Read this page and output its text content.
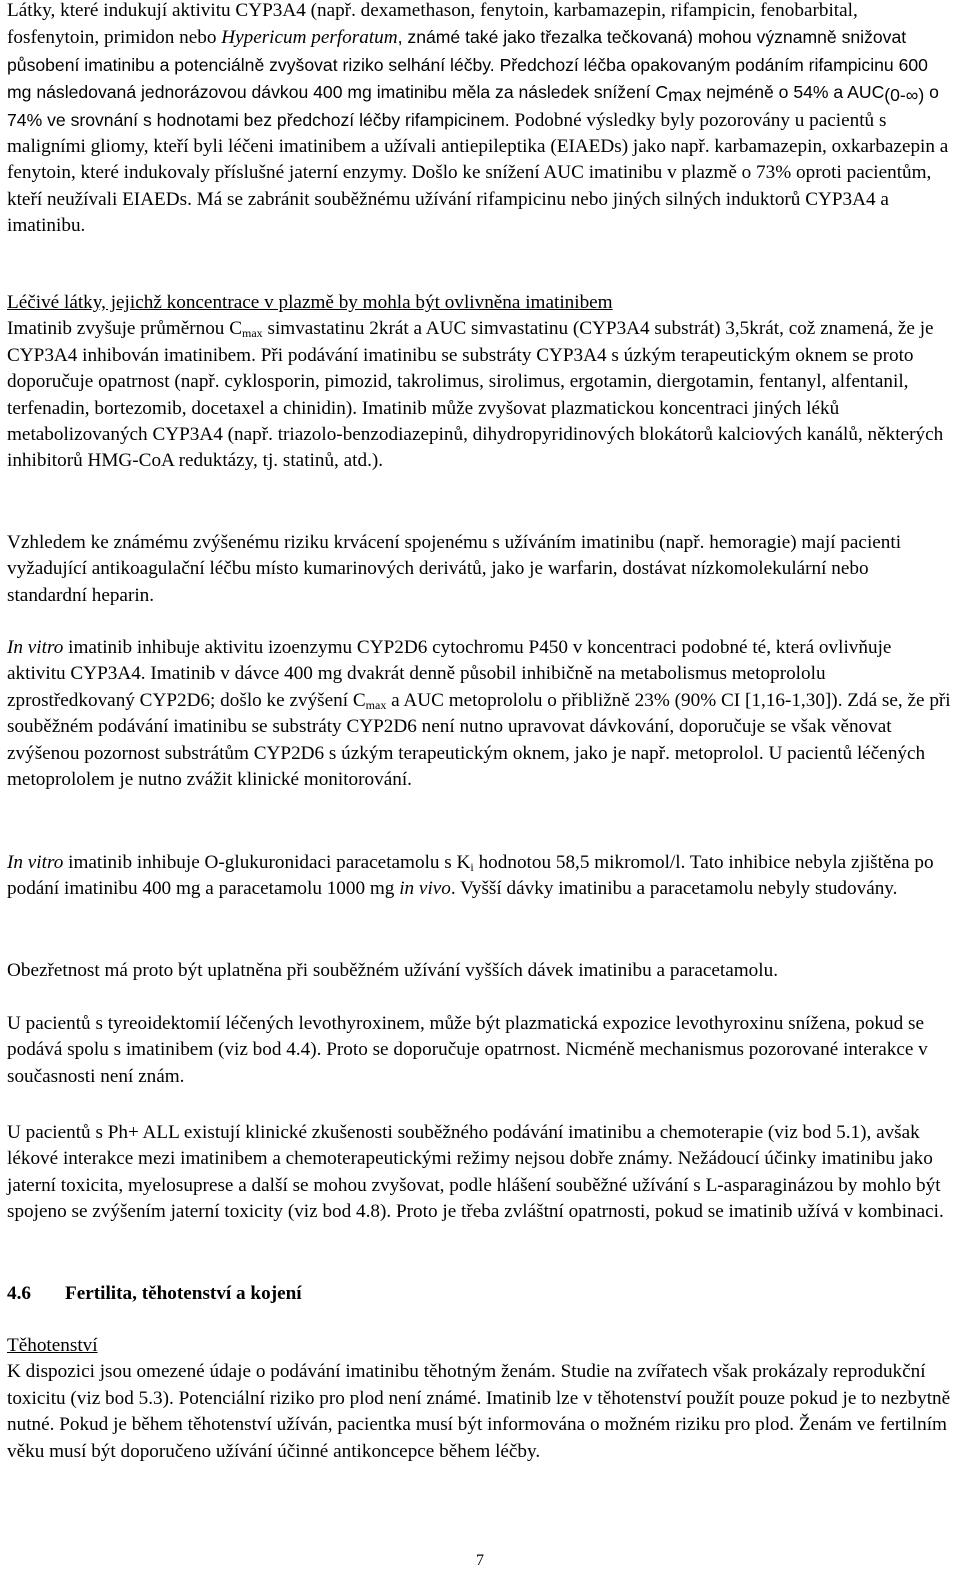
Látky, které indukují aktivitu CYP3A4 (např. dexamethason, fenytoin, karbamazepin, rifampicin, fenobarbital, fosfenytoin, primidon nebo Hypericum perforatum, známé také jako třezalka tečkovaná) mohou významně snižovat působení imatinibu a potenciálně zvyšovat riziko selhání léčby. Předchozí léčba opakovaným podáním rifampicinu 600 mg následovaná jednorázovou dávkou 400 mg imatinibu měla za následek snížení $C_{max}$ nejméně o 54% a $AUC_{(0-\infty)}$ o 74% ve srovnání s hodnotami bez předchozí léčby rifampicinem. Podobné výsledky byly pozorovány u pacientů s maligními gliomy, kteří byli léčeni imatinibem a užívali antiepileptika (EIAEDs) jako např. karbamazepin, oxkarbazepin a fenytoin, které indukovaly příslušné jaterní enzymy. Došlo ke snížení AUC imatinibu v plazmě o 73% oproti pacientům, kteří neužívali EIAEDs. Má se zabránit souběžnému užívání rifampicinu nebo jiných silných induktorů CYP3A4 a imatinibu.

Léčivé látky, jejichž koncentrace v plazmě by mohla být ovlivněna imatinibem
Imatinib zvyšuje průměrnou $C_{max}$ simvastatinu 2krát a AUC simvastatinu (CYP3A4 substrát) 3,5krát, což znamená, že je CYP3A4 inhibován imatinibem. Při podávání imatinibu se substráty CYP3A4 s úzkým terapeutickým oknem se proto doporučuje opatrnost (např. cyklosporin, pimozid, takrolimus, sirolimus, ergotamin, diergotamin, fentanyl, alfentanil, terfenadin, bortezomib, docetaxel a chinidin). Imatinib může zvyšovat plazmatickou koncentraci jiných léků metabolizovaných CYP3A4 (např. triazolo-benzodiazepinů, dihydropyridinových blokátorů kalciových kanálů, některých inhibitorů HMG-CoA reduktázy, tj. statinů, atd.).

Vzhledem ke známému zvýšenému riziku krvácení spojenému s užíváním imatinibu (např. hemoragie) mají pacienti vyžadující antikoagulační léčbu místo kumarinových derivátů, jako je warfarin, dostávat nízkomolekulární nebo standardní heparin.

In vitro imatinib inhibuje aktivitu izoenzymu CYP2D6 cytochromu P450 v koncentraci podobné té, která ovlivňuje aktivitu CYP3A4. Imatinib v dávce 400 mg dvakrát denně působil inhibičně na metabolismus metoprololu zprostředkovaný CYP2D6; došlo ke zvýšení $C_{max}$ a AUC metoprololu o přibližně 23% (90% CI [1,16-1,30]). Zdá se, že při souběžném podávání imatinibu se substráty CYP2D6 není nutno upravovat dávkování, doporučuje se však věnovat zvýšenou pozornost substrátům CYP2D6 s úzkým terapeutickým oknem, jako je např. metoprolol. U pacientů léčených metoprololem je nutno zvážit klinické monitorování.

In vitro imatinib inhibuje O-glukuronidaci paracetamolu s $K_i$ hodnotou 58,5 mikromol/l. Tato inhibice nebyla zjištěna po podání imatinibu 400 mg a paracetamolu 1000 mg in vivo. Vyšší dávky imatinibu a paracetamolu nebyly studovány.

Obezřetnost má proto být uplatněna při souběžném užívání vyšších dávek imatinibu a paracetamolu.

U pacientů s tyreoidektomií léčených levothyroxinem, může být plazmatická expozice levothyroxinu snížena, pokud se podává spolu s imatinibem (viz bod 4.4). Proto se doporučuje opatrnost. Nicméně mechanismus pozorované interakce v současnosti není znám.

U pacientů s Ph+ ALL existují klinické zkušenosti souběžného podávání imatinibu a chemoterapie (viz bod 5.1), avšak lékové interakce mezi imatinibem a chemoterapeutickými režimy nejsou dobře známy. Nežádoucí účinky imatinibu jako jaterní toxicita, myelosuprese a další se mohou zvyšovat, podle hlášení souběžné užívání s L-asparaginázou by mohlo být spojeno se zvýšením jaterní toxicity (viz bod 4.8). Proto je třeba zvláštní opatrnosti, pokud se imatinib užívá v kombinaci.

4.6 Fertilita, těhotenství a kojení
Těhotenství
K dispozici jsou omezené údaje o podávání imatinibu těhotným ženám. Studie na zvířatech však prokázaly reprodukční toxicitu (viz bod 5.3). Potenciální riziko pro plod není známé. Imatinib lze v těhotenství použít pouze pokud je to nezbytně nutné. Pokud je během těhotenství užíván, pacientka musí být informována o možném riziku pro plod. Ženám ve fertilním věku musí být doporučeno užívání účinné antikoncepce během léčby.
7
